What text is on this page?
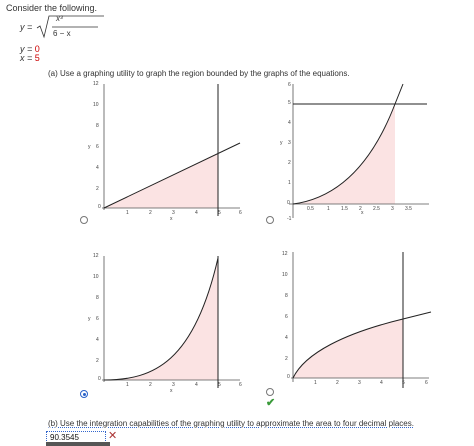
Consider the following.
y =
x³
6 − x
y = 0
x = 5
(a) Use a graphing utility to graph the region bounded by the graphs of the equations.
1	2	3	4	5	6
2
4
6
8
10
12
0
x
y
0.5	1 1.5 2 2.5 3 3.5
-1
1
2
3
4
5
6
0
x
y
1	2	3	4	5	6
2
4
6
8
10
12
0
x
y
1	2	3	4	5	6
2
4
6
8
10
12
0
✔
(b) Use the integration capabilities of the graphing utility to approximate the area to four decimal places.
90.3545	✕
